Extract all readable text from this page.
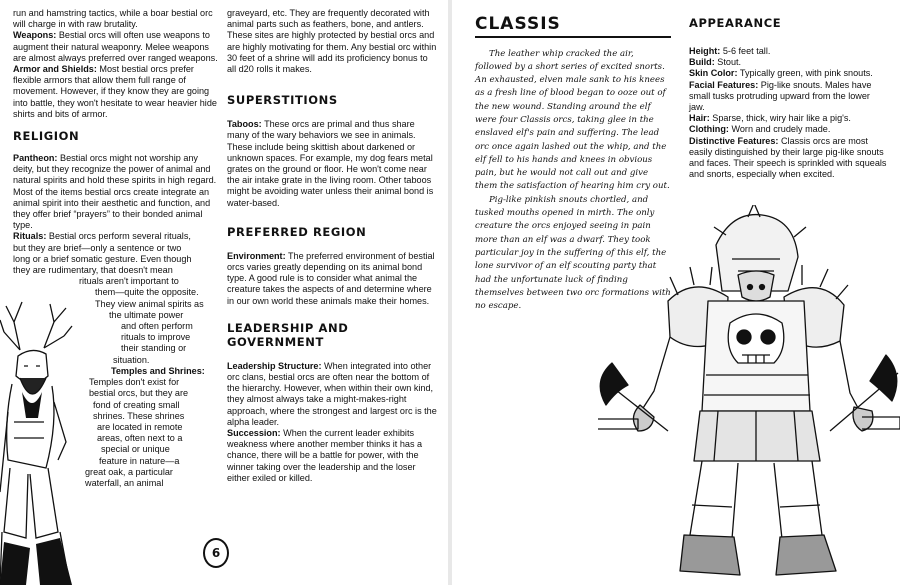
run and hamstring tactics, while a boar bestial orc will charge in with raw brutality.

Weapons: Bestial orcs will often use weapons to augment their natural weaponry. Melee weapons are almost always preferred over ranged weapons.

Armor and Shields: Most bestial orcs prefer flexible armors that allow them full range of movement. However, if they know they are going into battle, they won't hesitate to wear heavier hide shirts and bits of armor.

RELIGION

Pantheon: Bestial orcs might not worship any deity, but they recognize the power of animal and natural spirits and hold these spirits in high regard. Most of the items bestial orcs create integrate an animal spirit into their aesthetic and function, and they offer brief “prayers” to their bonded animal type.

Rituals: Bestial orcs perform several rituals,
but they are brief—only a sentence or two
long or a brief somatic gesture. Even though
they are rudimentary, that doesn't mean
rituals aren't important to
them—quite the opposite.
They view animal spirits as
the ultimate power
and often perform
rituals to improve
their standing or
situation.

Temples and Shrines:
Temples don't exist for
bestial orcs, but they are
fond of creating small
shrines. These shrines
are located in remote
areas, often next to a
special or unique
feature in nature—a
great oak, a particular
waterfall, an animal

graveyard, etc. They are frequently decorated with animal parts such as feathers, bone, and antlers. These sites are highly protected by bestial orcs and are highly motivating for them. Any bestial orc within 30 feet of a shrine will add its proficiency bonus to all d20 rolls it makes.

SUPERSTITIONS

Taboos: These orcs are primal and thus share many of the wary behaviors we see in animals. These include being skittish about darkened or unknown spaces. For example, my dog fears metal grates on the ground or floor. He won't come near the air intake grate in the living room. Other taboos might be avoiding water unless their animal bond is water-based.

PREFERRED REGION

Environment: The preferred environment of bestial orcs varies greatly depending on its animal bond type. A good rule is to consider what animal the creature takes the aspects of and determine where in our own world these animals make their homes.

LEADERSHIP AND GOVERNMENT

Leadership Structure: When integrated into other orc clans, bestial orcs are often near the bottom of the hierarchy. However, when within their own kind, they almost always take a might-makes-right approach, where the strongest and largest orc is the alpha leader.

Succession: When the current leader exhibits weakness where another member thinks it has a chance, there will be a battle for power, with the winner taking over the leadership and the loser either exiled or killed.

6
CLASSIS

The leather whip cracked the air, followed by a short series of excited snorts. An exhausted, elven male sank to his knees as a fresh line of blood began to ooze out of the new wound. Standing around the elf were four Classis orcs, taking glee in the enslaved elf's pain and suffering. The lead orc once again lashed out the whip, and the elf fell to his hands and knees in obvious pain, but he would not call out and give them the satisfaction of hearing him cry out.

Pig-like pinkish snouts chortled, and tusked mouths opened in mirth. The only creature the orcs enjoyed seeing in pain more than an elf was a dwarf. They took particular joy in the suffering of this elf, the lone survivor of an elf scouting party that had the unfortunate luck of finding themselves between two orc formations with no escape.

APPEARANCE

Height: 5-6 feet tall.

Build: Stout.

Skin Color: Typically green, with pink snouts.

Facial Features: Pig-like snouts. Males have small tusks protruding upward from the lower jaw.

Hair: Sparse, thick, wiry hair like a pig's.

Clothing: Worn and crudely made.

Distinctive Features: Classis orcs are most easily distinguished by their large pig-like snouts and faces. Their speech is sprinkled with squeals and snorts, especially when excited.
